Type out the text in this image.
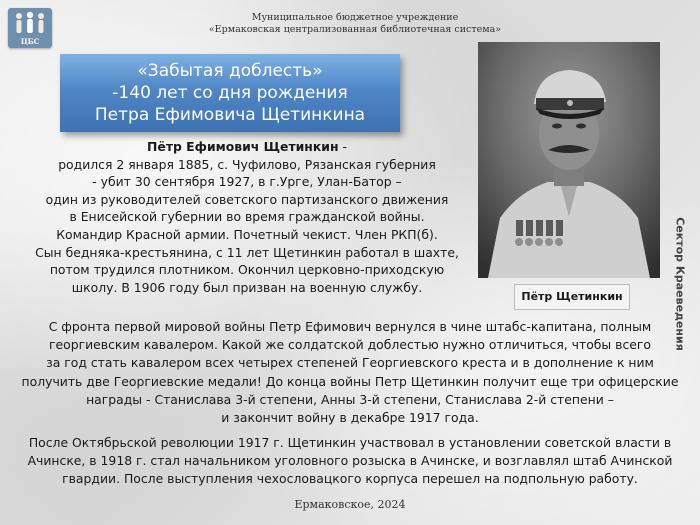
ЦБС
Муниципальное бюджетное учреждение
«Ермаковская централизованная библиотечная система»
«Забытая доблесть»
-140 лет со дня рождения
Петра Ефимовича Щетинкина
Пётр Щетинкин	Сектор Краеведения
Пётр Ефимович Щетинкин -
родился 2 января 1885, с. Чуфилово, Рязанская губерния
- убит 30 сентября 1927, в г.Урге, Улан-Батор –
один из руководителей советского партизанского движения
в Енисейской губернии во время гражданской войны.
Командир Красной армии. Почетный чекист. Член РКП(б).
Сын бедняка-крестьянина, с 11 лет Щетинкин работал в шахте,
потом трудился плотником. Окончил церковно-приходскую
школу. В 1906 году был призван на военную службу.
С фронта первой мировой войны Петр Ефимович вернулся в чине штабс-капитана, полным
георгиевским кавалером. Какой же солдатской доблестью нужно отличиться, чтобы всего
за год стать кавалером всех четырех степеней Георгиевского креста и в дополнение к ним
получить две Георгиевские медали! До конца войны Петр Щетинкин получит еще три офицерские
награды - Станислава 3-й степени, Анны 3-й степени, Станислава 2-й степени –
и закончит войну в декабре 1917 года.
После Октябрьской революции 1917 г. Щетинкин участвовал в установлении советской власти в
Ачинске, в 1918 г. стал начальником уголовного розыска в Ачинске, и возглавлял штаб Ачинской
гвардии. После выступления чехословацкого корпуса перешел на подпольную работу.
Ермаковское, 2024
